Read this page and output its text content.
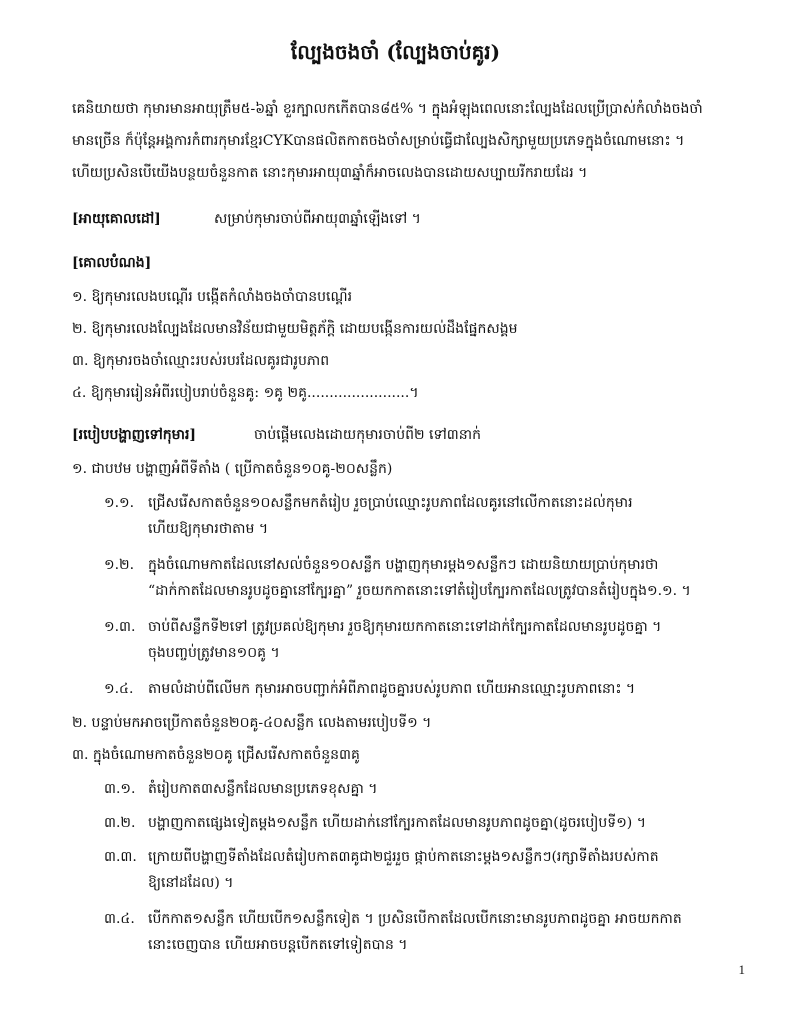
ល្បែងចងចាំ (ល្បែងចាប់គូរ)
គេនិយាយថា កុមារមានអាយុត្រឹម៥-៦ឆ្នាំ ខួរក្បាលកកើតបាន៨៥% ។ ក្នុងអំឡុងពេលនោះល្បែងដែលប្រើប្រាស់កំលាំងចងចាំ
មានច្រើន ក៏ប៉ុន្តែអង្គការកំពារកុមារខ្មែរCYKបានផលិតកាតចងចាំសម្រាប់ធ្វើជាល្បែងសិក្សាមួយប្រភេទក្នុងចំណោមនោះ ។
ហើយប្រសិនបើយើងបន្ថយចំនួនកាត នោះកុមារអាយុ៣ឆ្នាំក៏អាចលេងបានដោយសប្បាយរីករាយដែរ ។
[អាយុគោលដៅ]	សម្រាប់កុមារចាប់ពីអាយុ៣ឆ្នាំឡើងទៅ ។
[គោលបំណង]
១. ឱ្យកុមារលេងបណ្តើរ បង្កើតកំលាំងចងចាំបានបណ្តើរ
២. ឱ្យកុមារលេងល្បែងដែលមានវិន័យជាមួយមិត្តភ័ក្តិ ដោយបង្កើនការយល់ដឹងផ្នែកសង្គម
៣. ឱ្យកុមារចងចាំឈ្មោះរបស់របរដែលគូរជារូបភាព
៤. ឱ្យកុមាររៀនអំពីរបៀបរាប់ចំនួនគូ: ១គូ ២គូ.......................។
[របៀបបង្ហាញទៅកុមារ]	ចាប់ផ្តើមលេងដោយកុមារចាប់ពី២ ទៅ៣នាក់
១. ជាបឋម បង្ហាញអំពីទីតាំង ( ប្រើកាតចំនួន១០គូ-២០សន្លឹក)
១.១. ជ្រើសរើសកាតចំនួន១០សន្លឹកមកតំរៀប រួចប្រាប់ឈ្មោះរូបភាពដែលគូរនៅលើកាតនោះដល់កុមារ
ហើយឱ្យកុមារថាតាម ។
១.២. ក្នុងចំណោមកាតដែលនៅសល់ចំនួន១០សន្លឹក បង្ហាញកុមារម្តង១សន្លឹកៗ ដោយនិយាយប្រាប់កុមារថា
“ដាក់កាតដែលមានរូបដូចគ្នានៅក្បែរគ្នា” រួចយកកាតនោះទៅតំរៀបក្បែរកាតដែលត្រូវបានតំរៀបក្នុង១.១. ។
១.៣. ចាប់ពីសន្លឹកទី២ទៅ ត្រូវប្រគល់ឱ្យកុមារ រួចឱ្យកុមារយកកាតនោះទៅដាក់ក្បែរកាតដែលមានរូបដូចគ្នា ។
ចុងបញ្ចប់ត្រូវមាន១០គូ ។
១.៤. តាមលំដាប់ពីលើមក កុមារអាចបញ្ជាក់អំពីភាពដូចគ្នារបស់រូបភាព ហើយអានឈ្មោះរូបភាពនោះ ។
២. បន្ទាប់មកអាចប្រើកាតចំនួន២០គូ-៤០សន្លឹក លេងតាមរបៀបទី១ ។
៣. ក្នុងចំណោមកាតចំនួន២០គូ ជ្រើសរើសកាតចំនួន៣គូ
៣.១. តំរៀបកាត៣សន្លឹកដែលមានប្រភេទខុសគ្នា ។
៣.២. បង្ហាញកាតផ្សេងទៀតម្តង១សន្លឹក ហើយដាក់នៅក្បែរកាតដែលមានរូបភាពដូចគ្នា(ដូចរបៀបទី១) ។
៣.៣. ក្រោយពីបង្ហាញទីតាំងដែលតំរៀបកាត៣គូជា២ជួររួច ផ្កាប់កាតនោះម្តង១សន្លឹកៗ(រក្សាទីតាំងរបស់កាត
ឱ្យនៅដដែល) ។
៣.៤. បើកកាត១សន្លឹក ហើយបើក១សន្លឹកទៀត ។ ប្រសិនបើកាតដែលបើកនោះមានរូបភាពដូចគ្នា អាចយកកាត
នោះចេញបាន ហើយអាចបន្តបើកតទៅទៀតបាន ។
1
